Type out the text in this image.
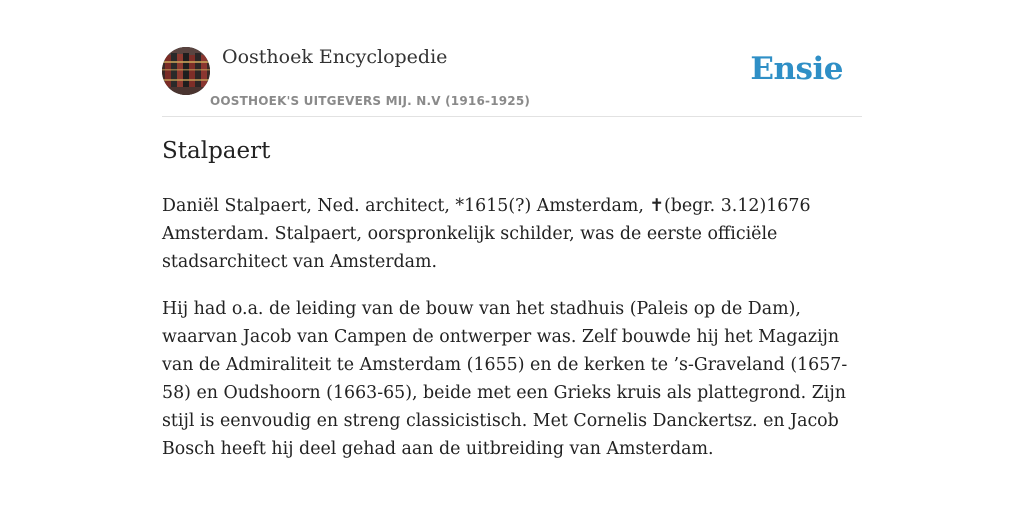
Oosthoek Encyclopedie
OOSTHOEK'S UITGEVERS MIJ. N.V (1916-1925)
Ensie
Stalpaert

Daniël Stalpaert, Ned. architect, *1615(?) Amsterdam, ✝(begr. 3.12)1676 Amsterdam. Stalpaert, oorspronkelijk schilder, was de eerste officiële stadsarchitect van Amsterdam.

Hij had o.a. de leiding van de bouw van het stadhuis (Paleis op de Dam), waarvan Jacob van Campen de ontwerper was. Zelf bouwde hij het Magazijn van de Admiraliteit te Amsterdam (1655) en de kerken te ’s-Graveland (1657-58) en Oudshoorn (1663-65), beide met een Grieks kruis als plattegrond. Zijn stijl is eenvoudig en streng classicistisch. Met Cornelis Danckertsz. en Jacob Bosch heeft hij deel gehad aan de uitbreiding van Amsterdam.
